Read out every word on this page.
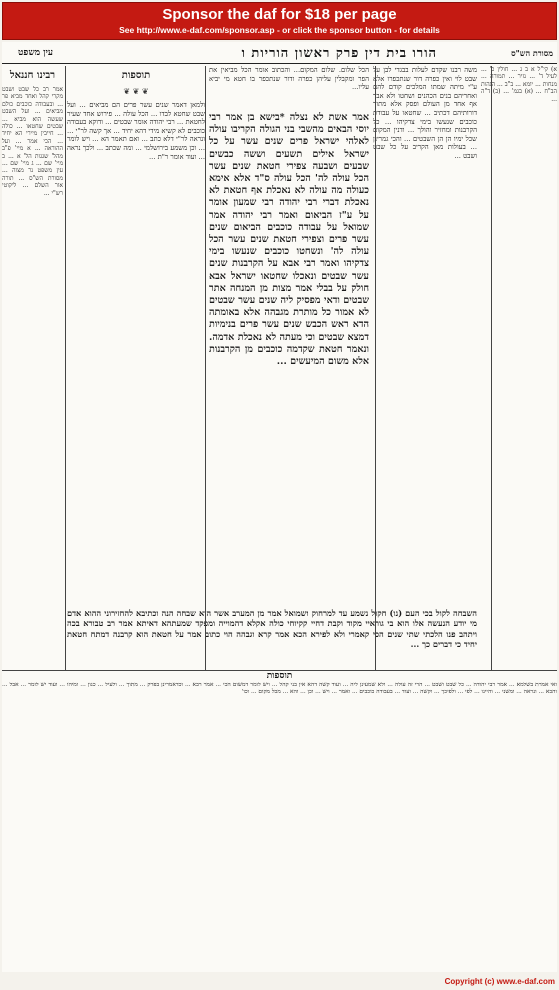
Sponsor the daf for $18 per page
See http://www.e-daf.com/sponsor.asp - or click the sponsor button - for details
מסורת הש"ס
הורו בית דין פרק ראשון הוריות ו
עין משפט
א) קי"ל א ב ג ... חולין כ' ... לעיל ד' ... נזיר ... תמורה ... מנחות ... יומא ... ב"ב ... הגהות הב"ח ... (א) בגמ' ... (ב) ד"ה ...
משה רבנו שקדם לעלות בבגדי לבן על שבט לוי ואין כפרה דור שנתכפרו אלא ע"י מיתה שמתו המלכים קודם להם ואחריהם בנים הכהנים ושחטו ולא אבד אף אחד מן העולם ופסק אלא מתוך דורותיהם דכתיב ... שחטאו על עבודת כוכבים שנעשו בימי צדקיהו ... כל הקרבנות ומחזיר והולך ... ודנין המקום שכל ימיו הן הן השבטים ... והכי גמרינן ... בעולות מאן הקריב על כל שבט ושבט ...
הכל שלום. שלום המקום... והכתוב אומר הכל מביאין את הפר ומקבלין עליהן כפרה ודור שנתכפר בו חטא מי יביא עליו...
אמר אשת לא נצלה *בישא בן אמר רבי יוסי הבאים מהשבי בני הגולה הקריבו עולה לאלהי ישראל פרים שנים עשר על כל ישראל אילים תשעים וששה כבשים שבעים ושבעה צפירי חטאת שנים עשר הכל עולה לה' הכל עולה ס"ד אלא אימא כעולה מה עולה לא נאכלת אף חטאת לא נאכלת דברי רבי יהודה רבי שמעון אומר על ע"ז הביאום ואמר רבי יהודה אמר שמואל על עבודה כוכבים הביאום שנים עשר פרים וצפירי חטאת שנים עשר הכל עולה לה' ונשחטו כוכבים שנעשו בימי צדקיהו ואמר רבי אבא על הקרבנות שנים עשר שבטים ונאכלו שחטאו ישראל אבא חולק על בבלי אמר מצות מן המנחה אתר שבטים ודאי מפסיק ליה שנים עשר שבטים לא אמור כל מותרת מגבהה אלא באומתה הדא ראש הכבש שנים עשר פרים בנימיות דמצא שבטים וכי מעתה לא נאכלת אדמה. ונאמר חטאת שקדמה כוכבים מן הקרבנות אלא משום המיעשים ...
תוספות
❦ ❦ ❦
ולמאן דאמר שנים עשר פרים הם מביאים ... ועל שבט שחטא לבדו ... הכל עולה ... פירוש אחד שעיר לחטאת ... רבי יהודה אומר שבטים ... ודוקא בעבודה כוכבים לא קשיא מידי דהא יחיד ... אך קשה לר"י ... ונראה לר"י דלא כתב ... ואם תאמר הא ... ויש לומר ... וכן משמע בירושלמי ... ומה שכתב ... ולכך נראה ... ועוד אומר ר"ת ...
רבינו חננאל
אמר רב כל שבט ושבט מקרי קהל ואחד מביא פר ... ובעבודה כוכבים כולם מביאים ... ועל השבט שעשה הוא מביא ... שבטים שחטאו ... כולה ... חייבין מיירי הא יחיד ... הכי אמר ... ועל ההוראה ... א מיי' פ"ב מהל' שגגות הל' א ... ב מיי' שם ... ג מיי' שם ... עין משפט נר מצוה ... מסורת הש"ס ... תורה אור השלם ... ליקוטי רש"י ...
השבחה לקול בכי העם (נו) חקול נשמע עד למרחוק ושמואל אמר מן המערב אשר הוא שבחה הנה וכתיבא להחזירוני ההוא אדם מי יודע הנעשה אלו הוא בי גוראיי מקוד וקבת דחיי קקיוחי כולה אקלא דהמוייה ומפקד שמעתהא דאיתא אמר רב טבורא בכה ויתהב פנו הלכתי שתי שנים הכי קאמרי ולא לפירא הכא אמר קרא וגבהה הוי כתוב אמר על חטאת הוא קרבנה דמתח חטאת יחיד כי דברים כך ...
תוספות
ואי אמרת בשלמא ... אמר רבי יהודה ... כל שבט ושבט ... הרי זה עולה ... ולא שמעינן ליה ... ועוד קשה דהא אין בני קהל ... ויש לומר דמשום הכי ... אמר רבא ... וכדאמרינן בפרק ... מתוך ... ולעיל ... כגון ... ומיהו ... ועוד יש לומר ... אבל ... והכא ... ונראה ... ומשני ... והיינו ... לפי ... ולפיכך ... וקשה ... ועוד ... בעבודה כוכבים ... ואמר ... ויש ... וכן ... והא ... מכל מקום ... וכו'
Copyright (c) www.e-daf.com
